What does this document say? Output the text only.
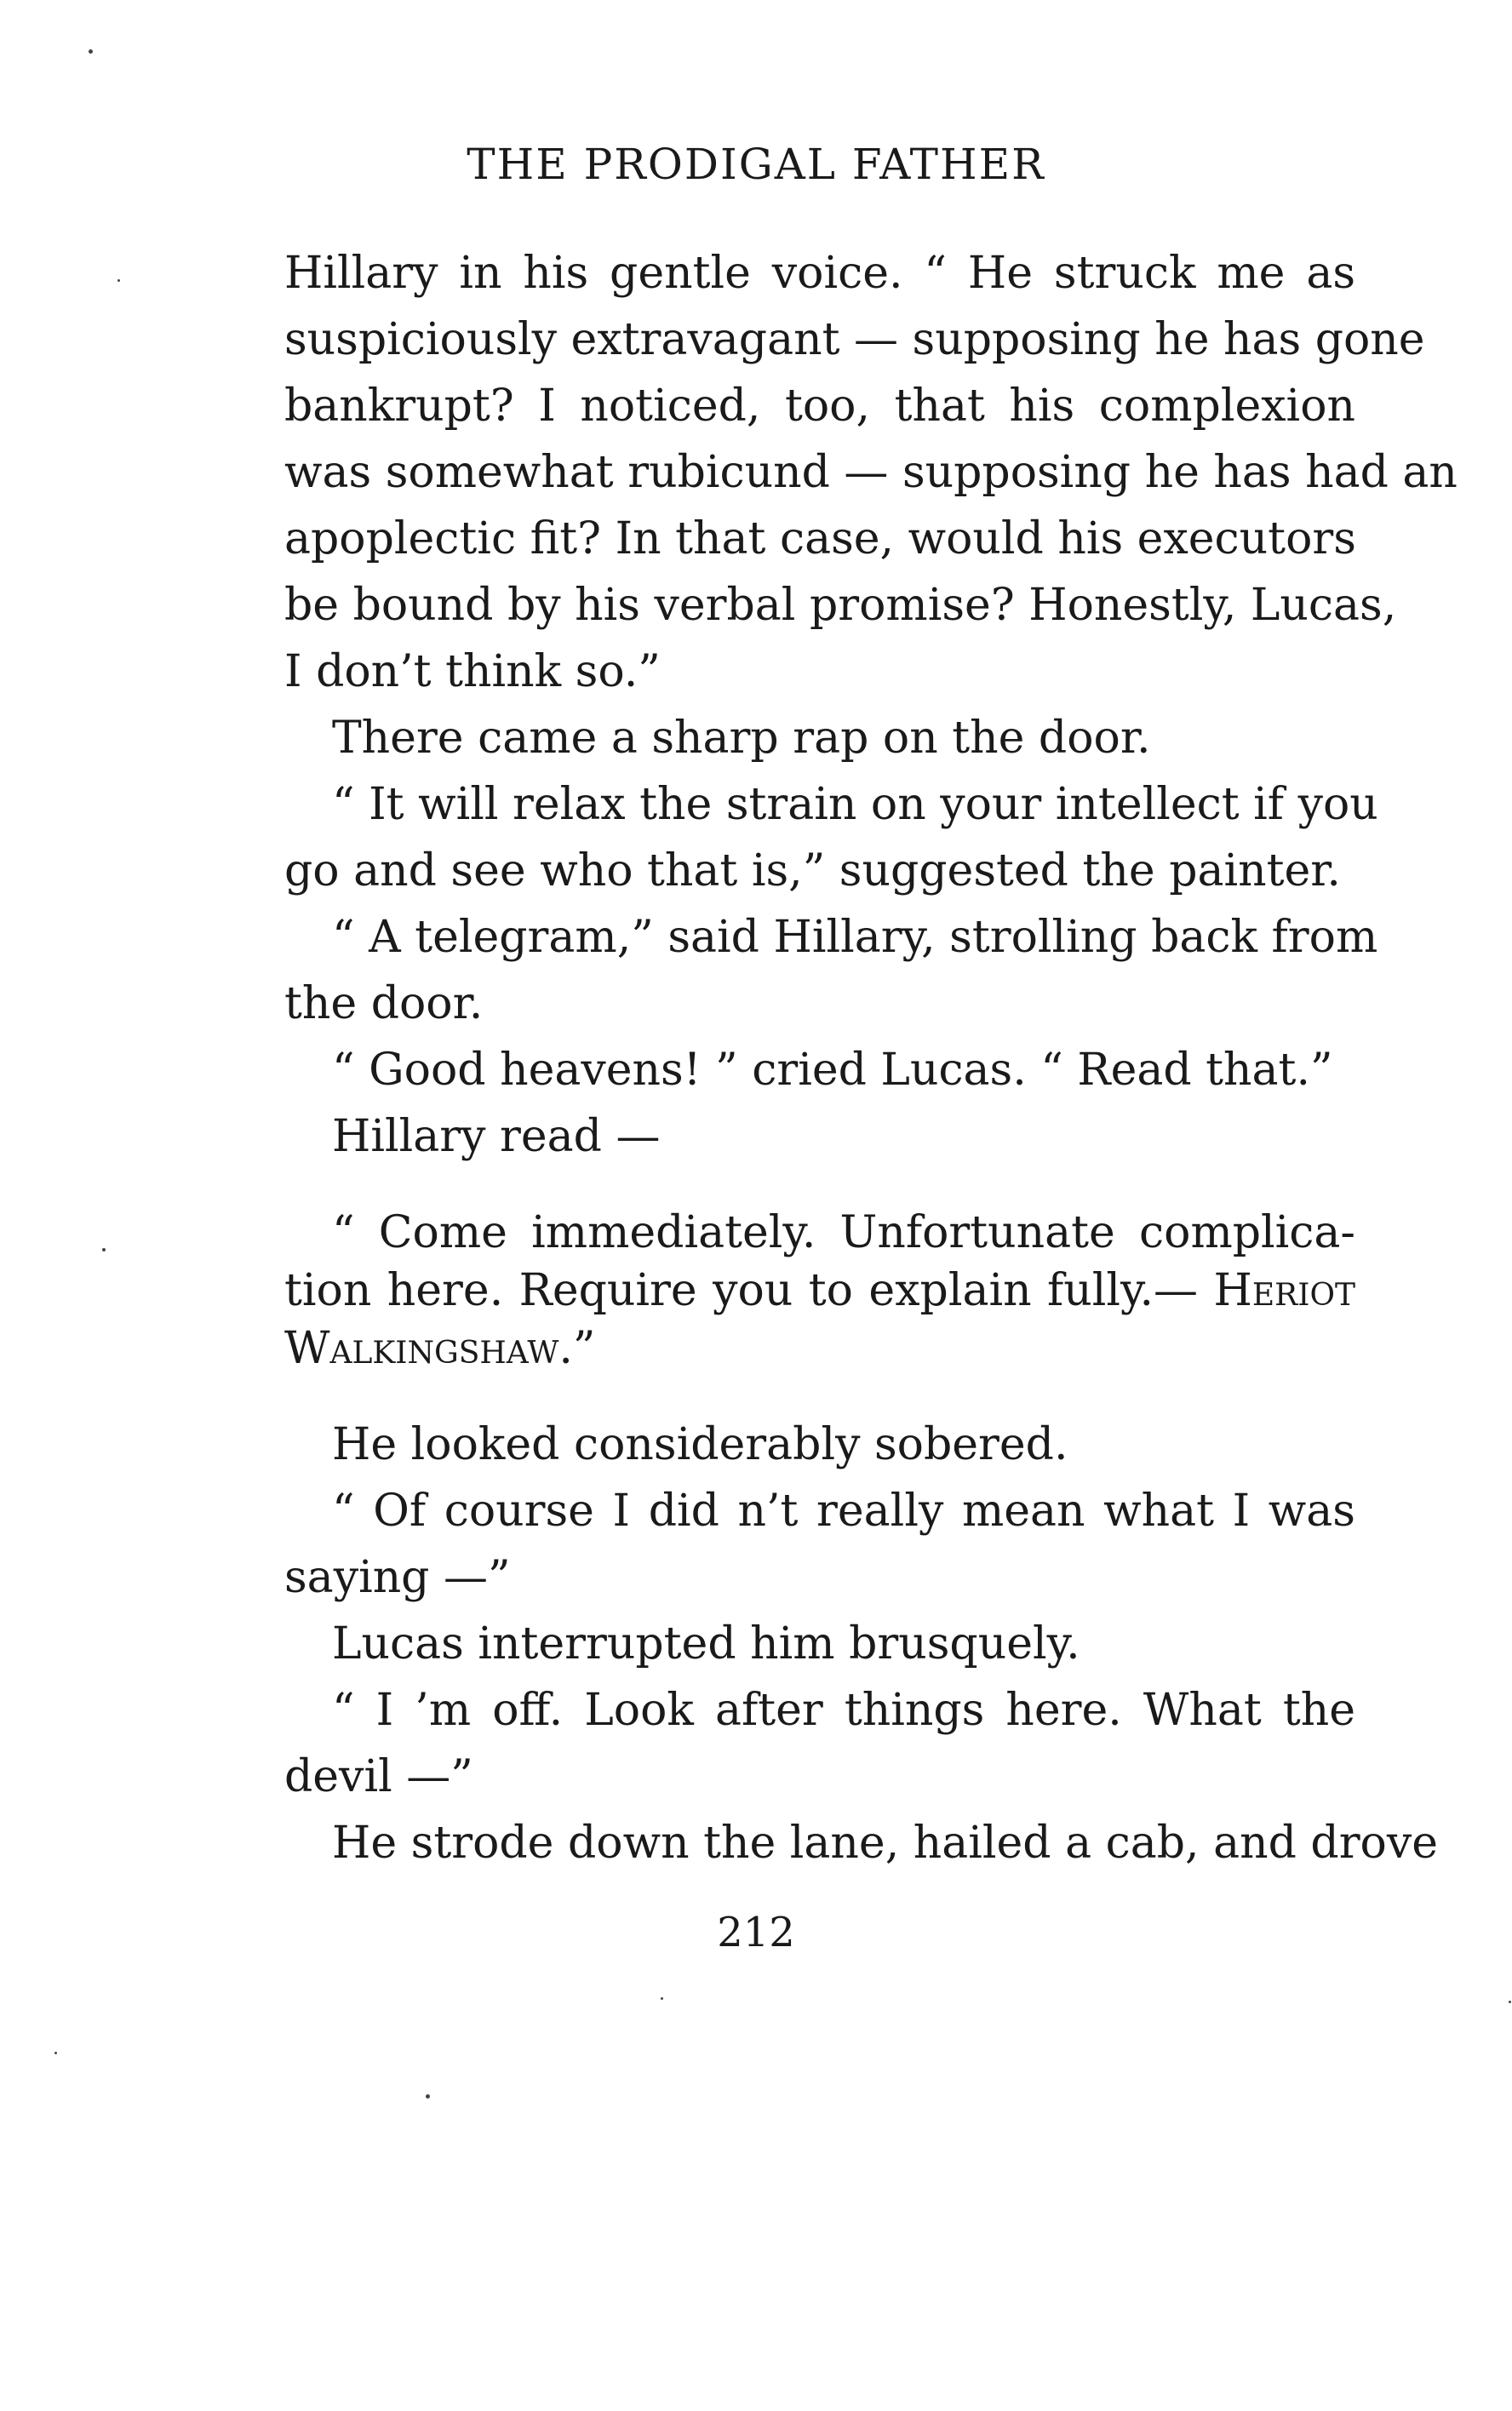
THE PRODIGAL FATHER
Hillary in his gentle voice. “ He struck me as
suspiciously extravagant — supposing he has gone
bankrupt? I noticed, too, that his complexion
was somewhat rubicund — supposing he has had an
apoplectic fit? In that case, would his executors
be bound by his verbal promise? Honestly, Lucas,
I don’t think so.”
There came a sharp rap on the door.
“ It will relax the strain on your intellect if you
go and see who that is,” suggested the painter.
“ A telegram,” said Hillary, strolling back from
the door.
“ Good heavens! ” cried Lucas. “ Read that.”
Hillary read —
“ Come immediately. Unfortunate complica-
tion here. Require you to explain fully.— Heriot
Walkingshaw.”
He looked considerably sobered.
“ Of course I did n’t really mean what I was
saying —”
Lucas interrupted him brusquely.
“ I ’m off. Look after things here. What the
devil —”
He strode down the lane, hailed a cab, and drove
212
